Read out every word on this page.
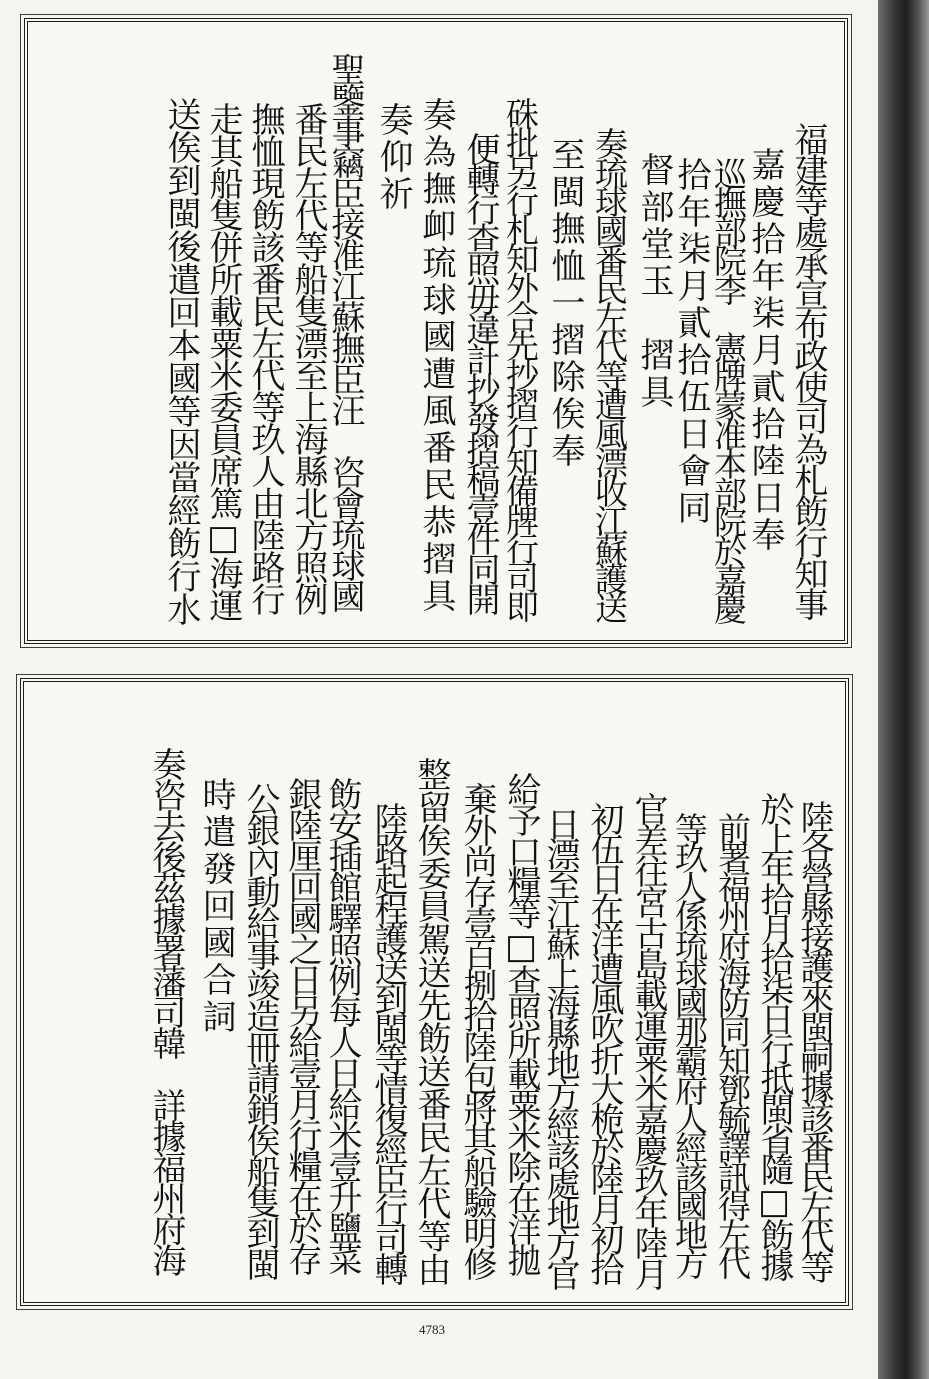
福建等處承宣布政使司為札飭行知事
嘉慶拾年柒月貳拾陸日奉
巡撫部院李　憲牌蒙准本部院於嘉慶
拾年柒月貳拾伍日會同
督部堂玉　摺具
奏琉球國番民左代等遭風漂收江蘇護送
至閩撫恤一摺除俟奉
硃批另行札知外合先抄摺行知備牌行司即
便轉行查照毋違計抄發摺稿壹件同開
奏為撫卹琉球國遭風番民恭摺具
奏仰祈
聖鑒事竊臣接准江蘇撫臣汪　咨會琉球國
番民左代等船隻漂至上海縣北方照例
撫恤現飭該番民左代等玖人由陸路行
走其船隻併所載粟米委員席篤□海運
送俟到閩後遣回本國等因當經飭行水
陸各營縣接護來閩嗣據該番民左代等
於上年拾月拾柒日行抵閩省隨□飭據
前署福州府海防同知鄧毓譯訊得左代
等玖人係琉球國那霸府人經該國地方
官差往宮古島載運粟米嘉慶玖年陸月
初伍日在洋遭風吹折大桅於陸月初拾
日漂至江蘇上海縣地方經該處地方官
給予口糧等□查照所載粟米除在洋拋
棄外尚存壹百捌拾陸包將其船驗明修
整留俟委員駕送先飭送番民左代等由
陸路起程護送到閩等情復經臣行司轉
飭安插館驛照例每人日給米壹升鹽菜
銀陸厘回國之日另給壹月行糧在於存
公銀內動給事竣造冊請銷俟船隻到閩
時遣發回國合詞
奏咨去後茲據署藩司韓　詳據福州府海
4783
